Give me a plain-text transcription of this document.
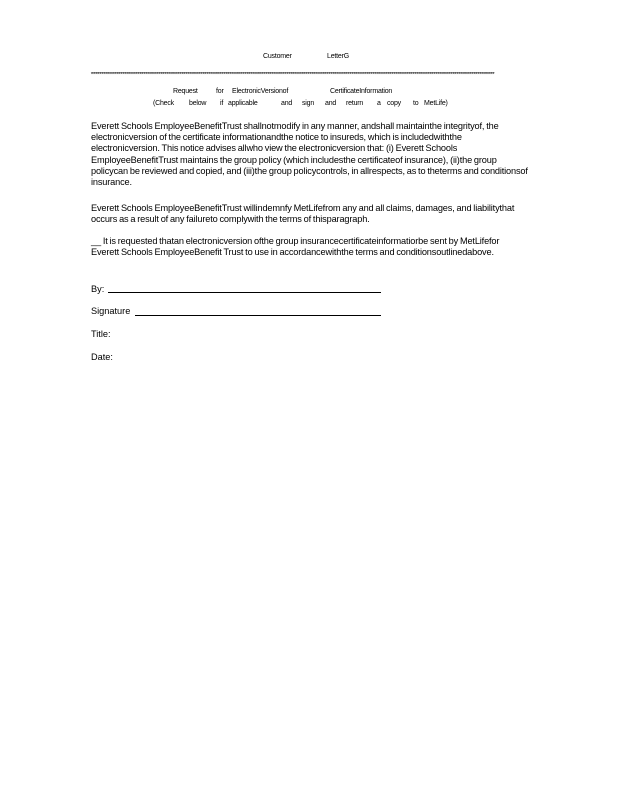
Customer	LetterG
************************************************************************************************************************************************************************************************
Request	for ElectronicVersionof	CertificateInformation
(Check below if applicable	and sign and return a copy to MetLife)

Everett Schools EmployeeBenefitTrust shallnotmodify in any manner, andshall maintainthe integrityof, the electronicversion of the certificate informationandthe notice to insureds, which is includedwiththe electronicversion. This notice advises allwho view the electronicversion that: (i) Everett Schools EmployeeBenefitTrust maintains the group policy (which includesthe certificateof insurance), (ii)the group policycan be reviewed and copied, and (iii)the group policycontrols, in allrespects, as to theterms and conditionsof insurance.

Everett Schools EmployeeBenefitTrust willindemnfy MetLifefrom any and all claims, damages, and liabilitythat occurs as a result of any failureto complywith the terms of thisparagraph.

__ It is requested thatan electronicversion ofthe group insurancecertificateinformatiorbe sent by MetLifefor Everett Schools EmployeeBenefit Trust to use in accordancewiththe terms and conditionsoutlinedabove.

By:
Signature
Title:
Date:
